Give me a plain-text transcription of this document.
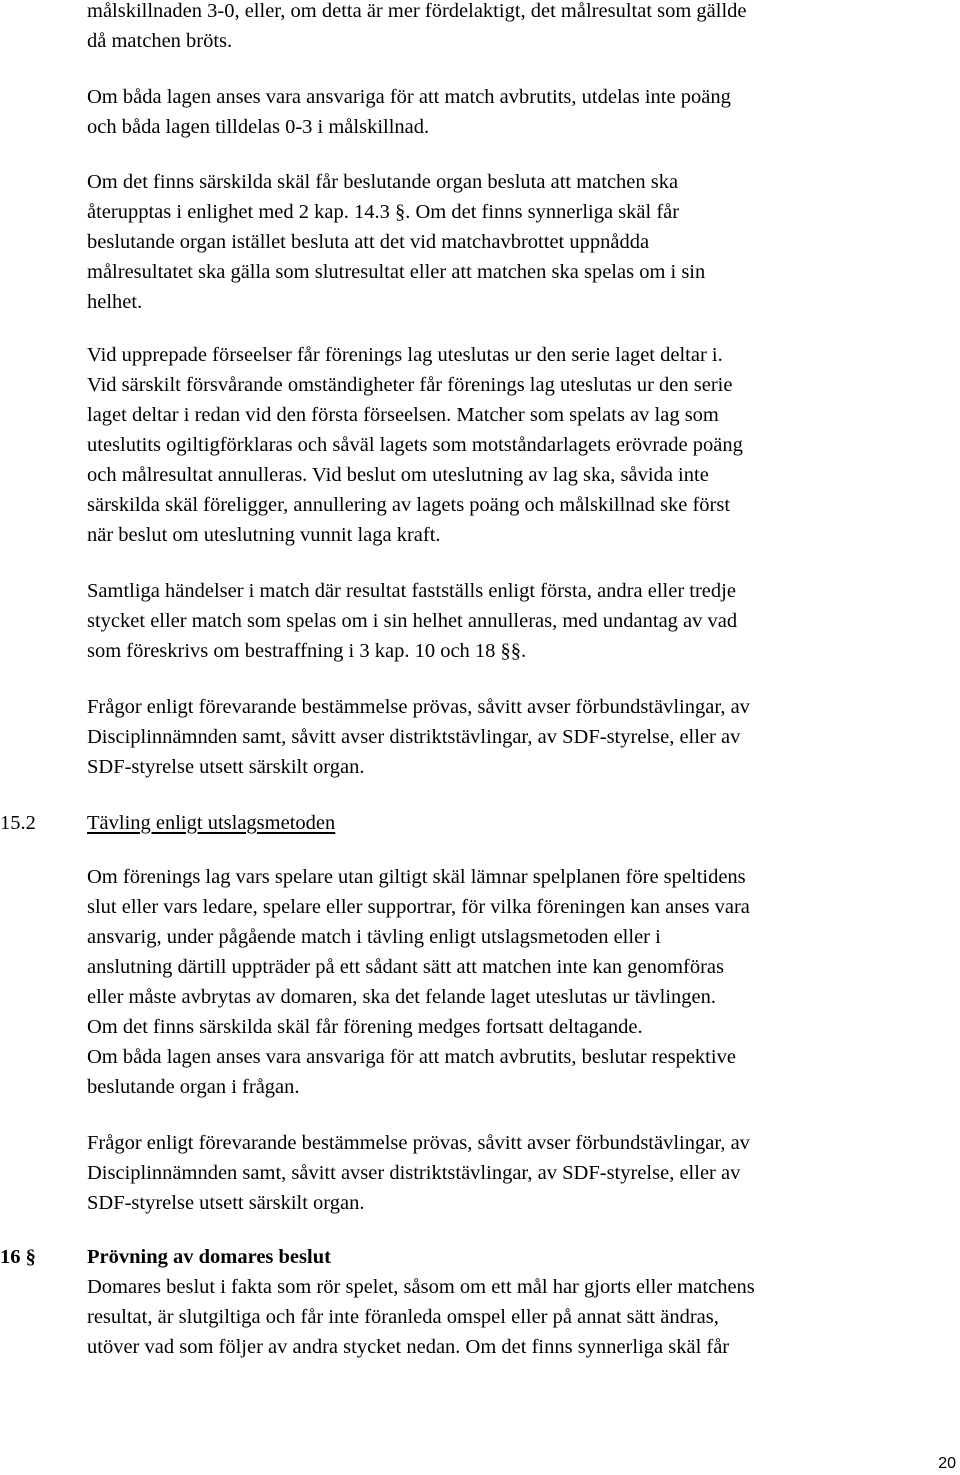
målskillnaden 3-0, eller, om detta är mer fördelaktigt, det målresultat som gällde
då matchen bröts.
Om båda lagen anses vara ansvariga för att match avbrutits, utdelas inte poäng
och båda lagen tilldelas 0-3 i målskillnad.
Om det finns särskilda skäl får beslutande organ besluta att matchen ska
återupptas i enlighet med 2 kap. 14.3 §. Om det finns synnerliga skäl får
beslutande organ istället besluta att det vid matchavbrottet uppnådda
målresultatet ska gälla som slutresultat eller att matchen ska spelas om i sin
helhet.
Vid upprepade förseelser får förenings lag uteslutas ur den serie laget deltar i.
Vid särskilt försvårande omständigheter får förenings lag uteslutas ur den serie
laget deltar i redan vid den första förseelsen. Matcher som spelats av lag som
uteslutits ogiltigförklaras och såväl lagets som motståndarlagets erövrade poäng
och målresultat annulleras. Vid beslut om uteslutning av lag ska, såvida inte
särskilda skäl föreligger, annullering av lagets poäng och målskillnad ske först
när beslut om uteslutning vunnit laga kraft.
Samtliga händelser i match där resultat fastställs enligt första, andra eller tredje
stycket eller match som spelas om i sin helhet annulleras, med undantag av vad
som föreskrivs om bestraffning i 3 kap. 10 och 18 §§.
Frågor enligt förevarande bestämmelse prövas, såvitt avser förbundstävlingar, av
Disciplinnämnden samt, såvitt avser distriktstävlingar, av SDF-styrelse, eller av
SDF-styrelse utsett särskilt organ.
15.2 Tävling enligt utslagsmetoden
Om förenings lag vars spelare utan giltigt skäl lämnar spelplanen före speltidens
slut eller vars ledare, spelare eller supportrar, för vilka föreningen kan anses vara
ansvarig, under pågående match i tävling enligt utslagsmetoden eller i
anslutning därtill uppträder på ett sådant sätt att matchen inte kan genomföras
eller måste avbrytas av domaren, ska det felande laget uteslutas ur tävlingen.
Om det finns särskilda skäl får förening medges fortsatt deltagande.
Om båda lagen anses vara ansvariga för att match avbrutits, beslutar respektive
beslutande organ i frågan.
Frågor enligt förevarande bestämmelse prövas, såvitt avser förbundstävlingar, av
Disciplinnämnden samt, såvitt avser distriktstävlingar, av SDF-styrelse, eller av
SDF-styrelse utsett särskilt organ.
16 § Prövning av domares beslut
Domares beslut i fakta som rör spelet, såsom om ett mål har gjorts eller matchens
resultat, är slutgiltiga och får inte föranleda omspel eller på annat sätt ändras,
utöver vad som följer av andra stycket nedan. Om det finns synnerliga skäl får
20
